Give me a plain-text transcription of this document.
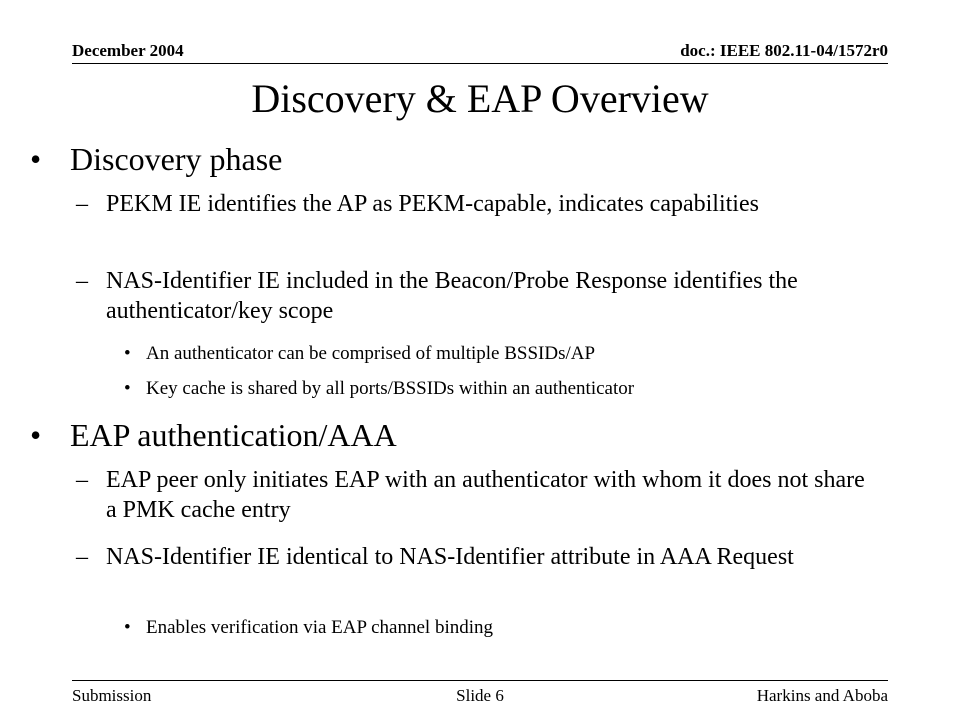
December 2004	doc.: IEEE 802.11-04/1572r0
Discovery & EAP Overview
• Discovery phase
– PEKM IE identifies the AP as PEKM-capable, indicates capabilities
– NAS-Identifier IE included in the Beacon/Probe Response identifies the authenticator/key scope
• An authenticator can be comprised of multiple BSSIDs/AP
• Key cache is shared by all ports/BSSIDs within an authenticator
• EAP authentication/AAA
– EAP peer only initiates EAP with an authenticator with whom it does not share a PMK cache entry
– NAS-Identifier IE identical to NAS-Identifier attribute in AAA Request
• Enables verification via EAP channel binding
Submission	Slide 6	Harkins and Aboba
